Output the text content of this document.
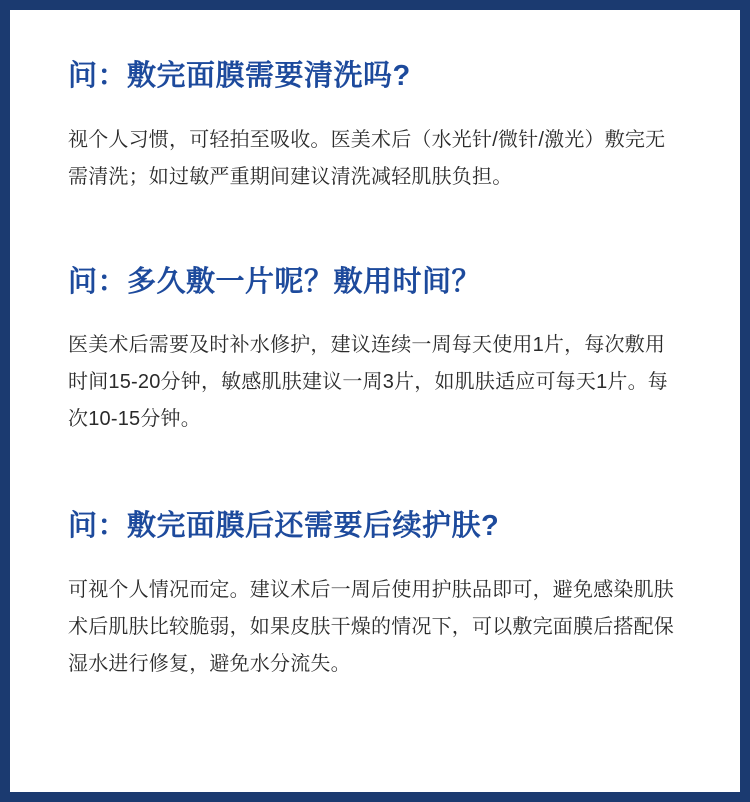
问：敷完面膜需要清洗吗?

视个人习惯，可轻拍至吸收。医美术后（水光针/微针/激光）敷完无需清洗；如过敏严重期间建议清洗减轻肌肤负担。

问：多久敷一片呢？敷用时间？

医美术后需要及时补水修护，建议连续一周每天使用1片，每次敷用时间15-20分钟，敏感肌肤建议一周3片，如肌肤适应可每天1片。每次10-15分钟。

问：敷完面膜后还需要后续护肤?

可视个人情况而定。建议术后一周后使用护肤品即可，避免感染肌肤术后肌肤比较脆弱，如果皮肤干燥的情况下，可以敷完面膜后搭配保湿水进行修复，避免水分流失。
